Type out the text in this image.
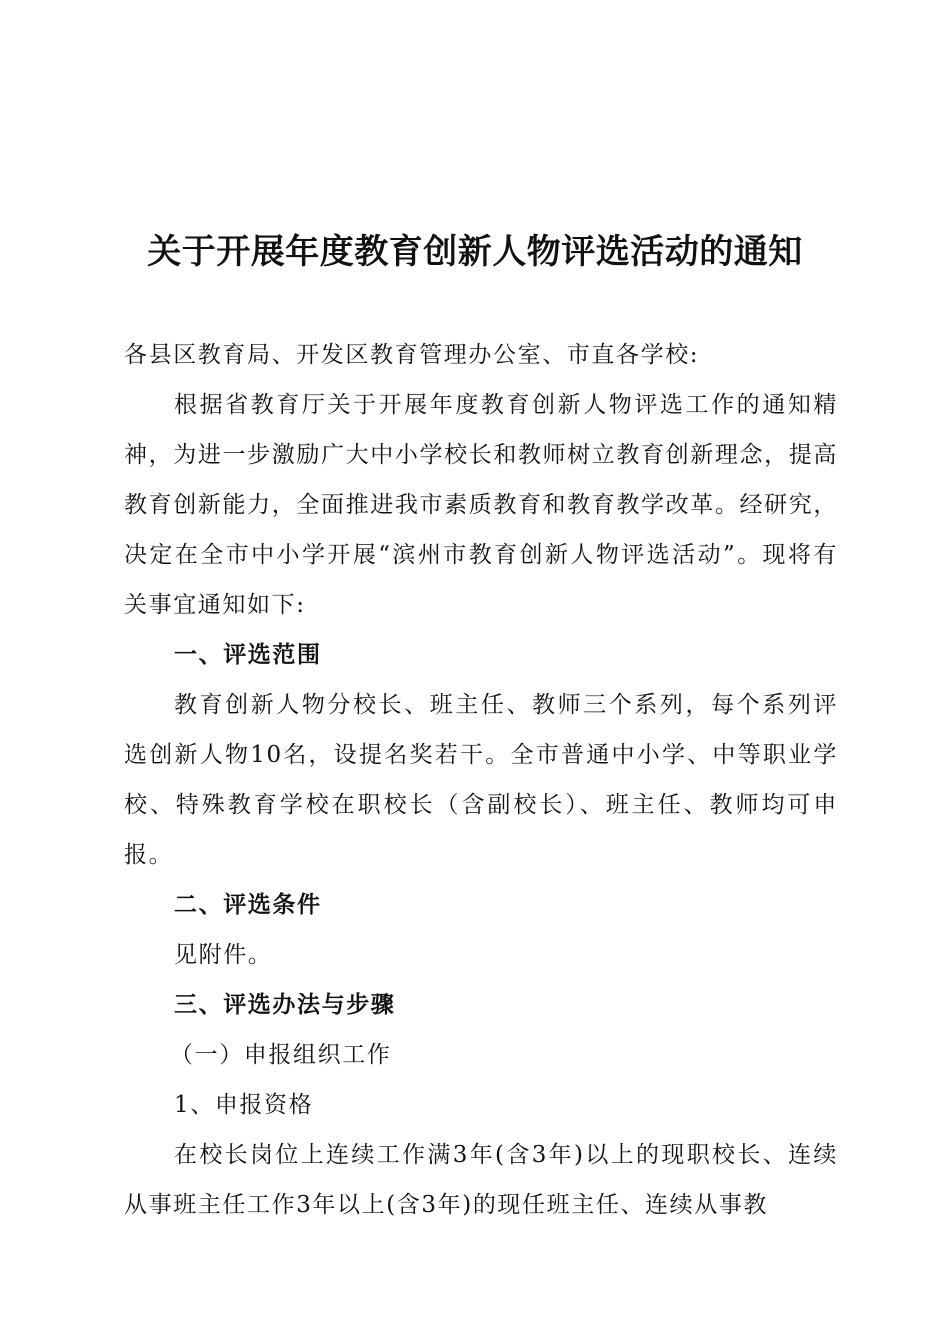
关于开展年度教育创新人物评选活动的通知

各县区教育局、开发区教育管理办公室、市直各学校:

根据省教育厅关于开展年度教育创新人物评选工作的通知精神，为进一步激励广大中小学校长和教师树立教育创新理念，提高教育创新能力，全面推进我市素质教育和教育教学改革。经研究，决定在全市中小学开展“滨州市教育创新人物评选活动”。现将有关事宜通知如下:

一、评选范围

教育创新人物分校长、班主任、教师三个系列，每个系列评选创新人物10名，设提名奖若干。全市普通中小学、中等职业学校、特殊教育学校在职校长（含副校长）、班主任、教师均可申报。

二、评选条件

见附件。

三、评选办法与步骤

（一）申报组织工作

1、申报资格

在校长岗位上连续工作满3年(含3年)以上的现职校长、连续从事班主任工作3年以上(含3年)的现任班主任、连续从事教
